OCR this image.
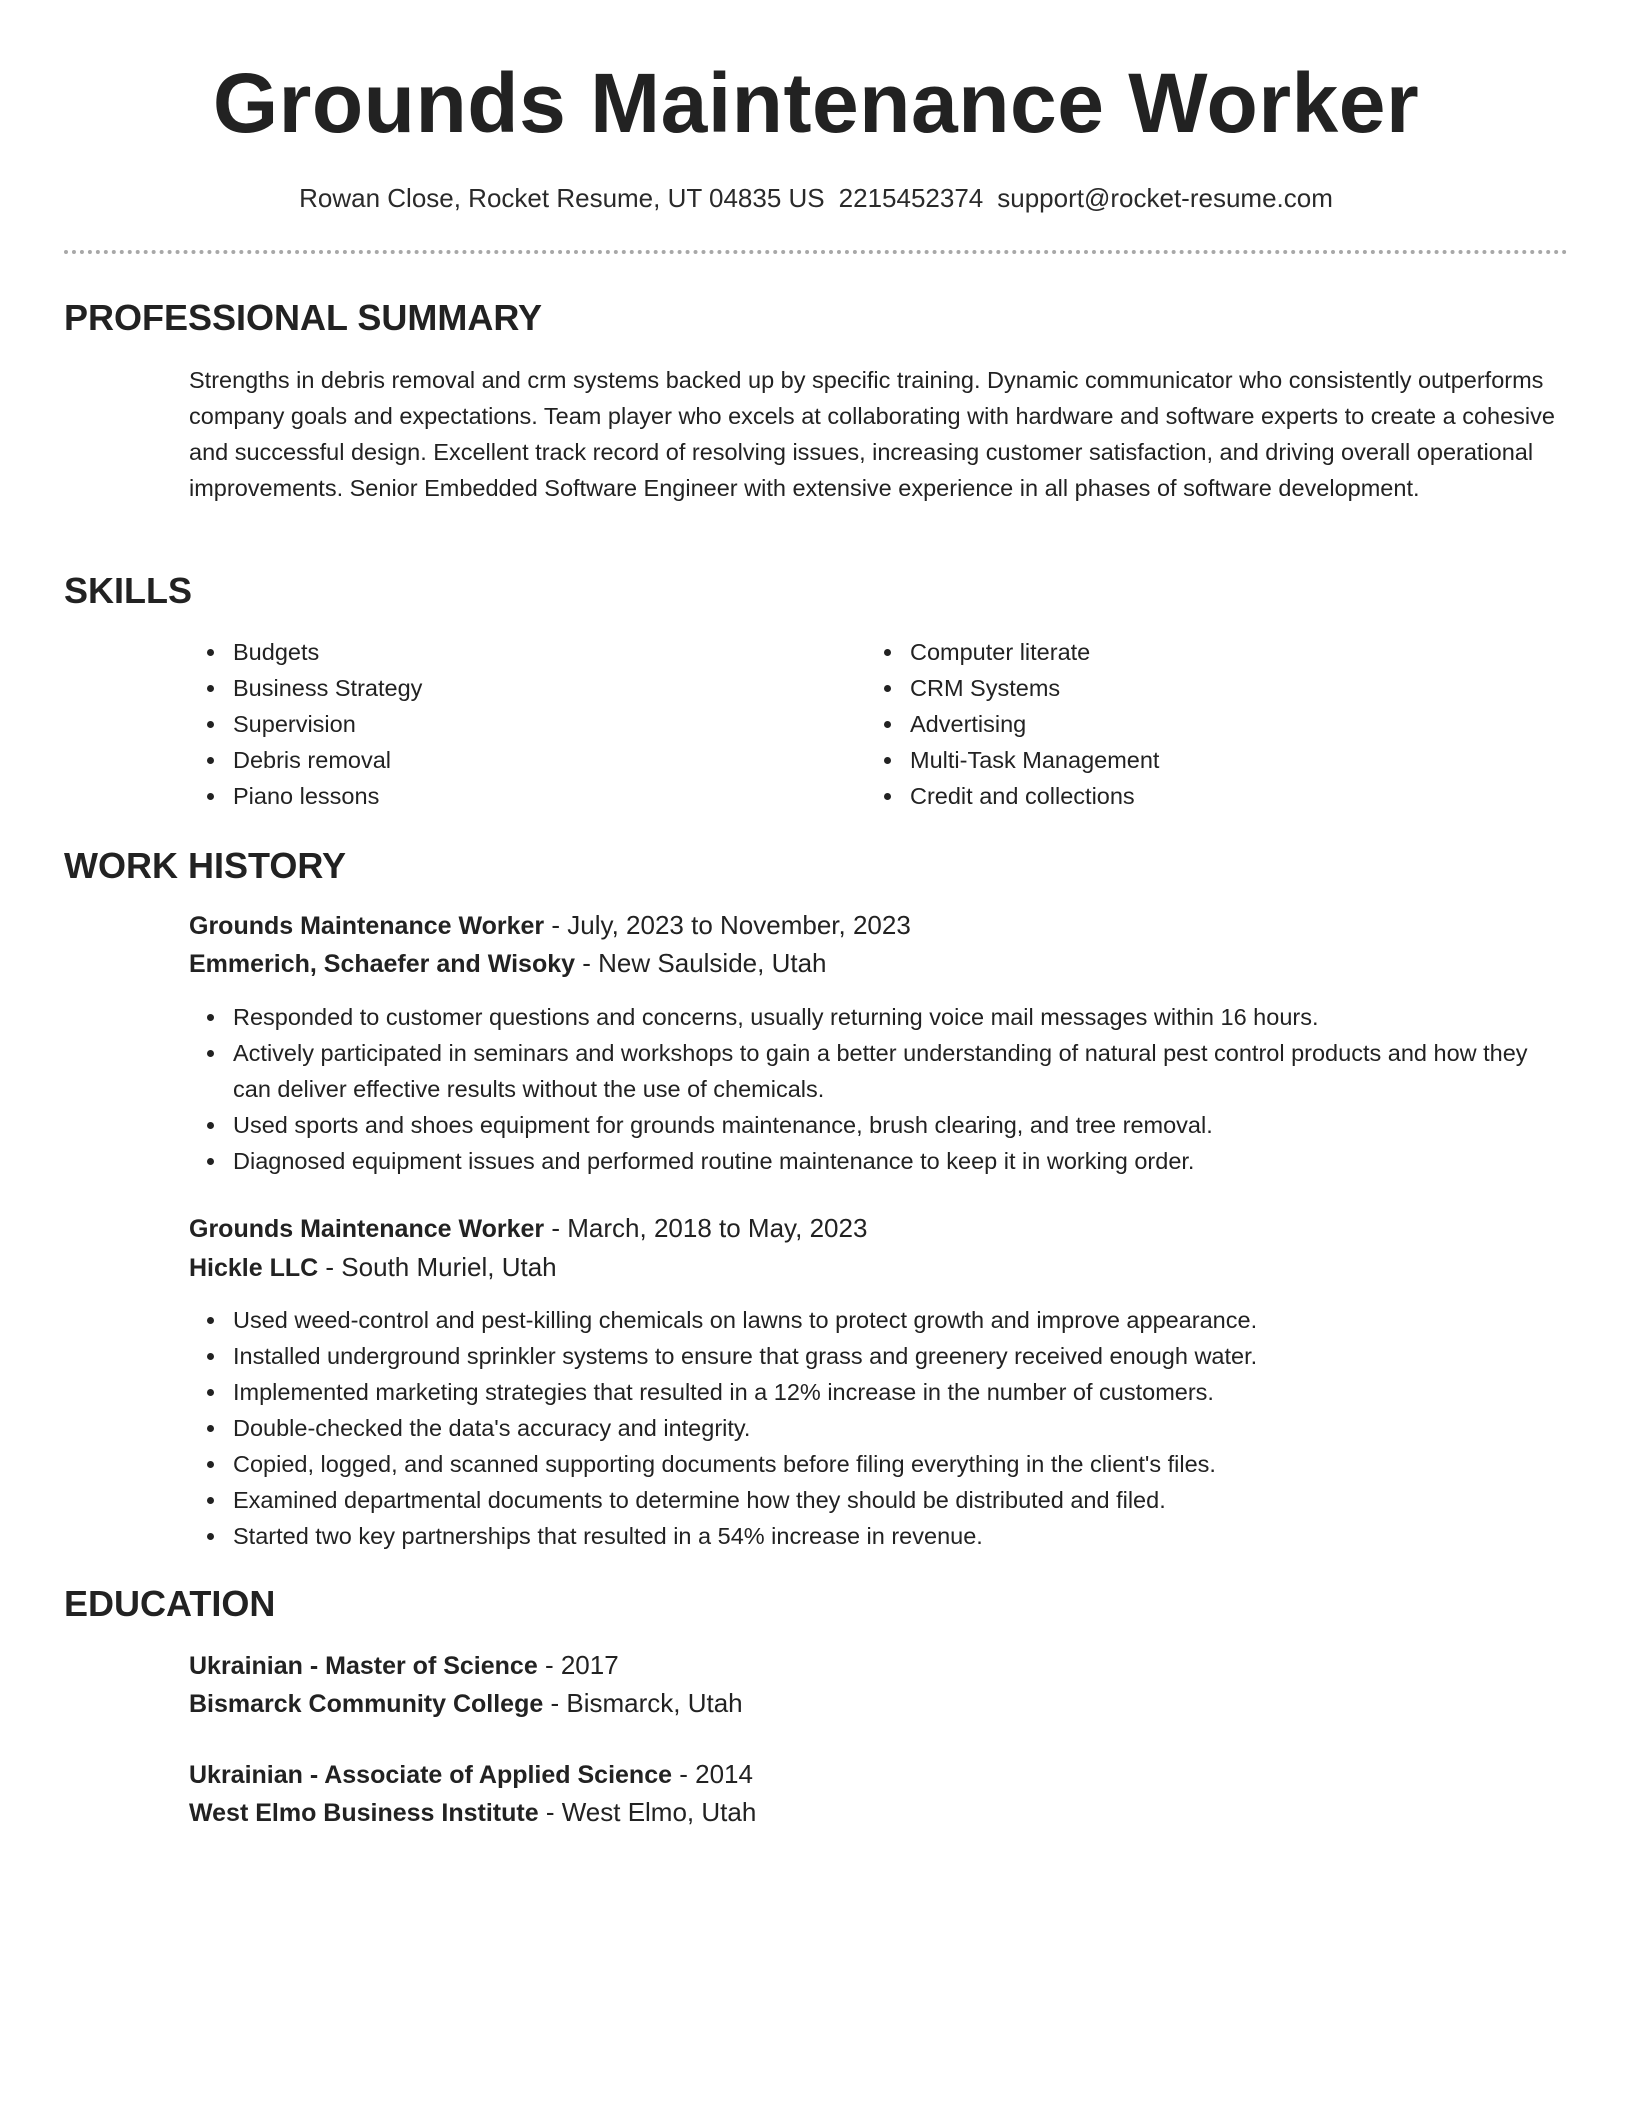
Grounds Maintenance Worker
Rowan Close, Rocket Resume, UT 04835 US 2215452374 support@rocket-resume.com
PROFESSIONAL SUMMARY
Strengths in debris removal and crm systems backed up by specific training. Dynamic communicator who consistently outperforms company goals and expectations. Team player who excels at collaborating with hardware and software experts to create a cohesive and successful design. Excellent track record of resolving issues, increasing customer satisfaction, and driving overall operational improvements. Senior Embedded Software Engineer with extensive experience in all phases of software development.
SKILLS
Budgets
Business Strategy
Supervision
Debris removal
Piano lessons
Computer literate
CRM Systems
Advertising
Multi-Task Management
Credit and collections
WORK HISTORY
Grounds Maintenance Worker - July, 2023 to November, 2023
Emmerich, Schaefer and Wisoky - New Saulside, Utah
Responded to customer questions and concerns, usually returning voice mail messages within 16 hours.
Actively participated in seminars and workshops to gain a better understanding of natural pest control products and how they can deliver effective results without the use of chemicals.
Used sports and shoes equipment for grounds maintenance, brush clearing, and tree removal.
Diagnosed equipment issues and performed routine maintenance to keep it in working order.
Grounds Maintenance Worker - March, 2018 to May, 2023
Hickle LLC - South Muriel, Utah
Used weed-control and pest-killing chemicals on lawns to protect growth and improve appearance.
Installed underground sprinkler systems to ensure that grass and greenery received enough water.
Implemented marketing strategies that resulted in a 12% increase in the number of customers.
Double-checked the data's accuracy and integrity.
Copied, logged, and scanned supporting documents before filing everything in the client's files.
Examined departmental documents to determine how they should be distributed and filed.
Started two key partnerships that resulted in a 54% increase in revenue.
EDUCATION
Ukrainian - Master of Science - 2017
Bismarck Community College - Bismarck, Utah
Ukrainian - Associate of Applied Science - 2014
West Elmo Business Institute - West Elmo, Utah
